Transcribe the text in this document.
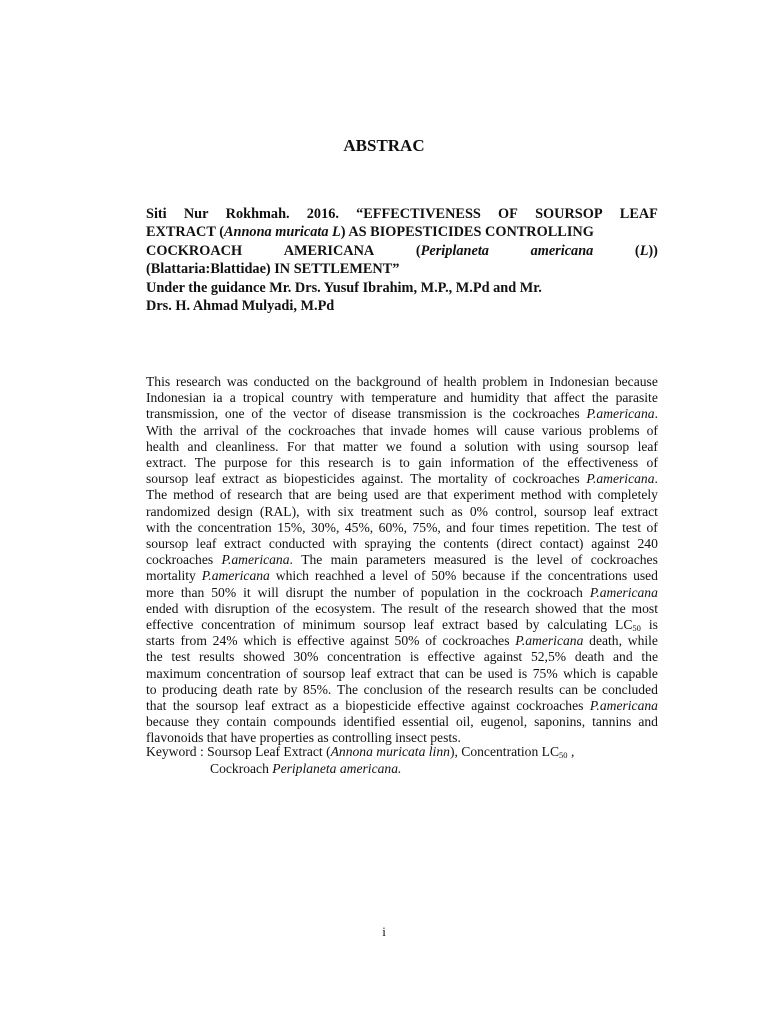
ABSTRAC
Siti Nur Rokhmah. 2016. “EFFECTIVENESS OF SOURSOP LEAF
EXTRACT ( Annona muricata L ) AS BIOPESTICIDES CONTROLLING
COCKROACH	AMERICANA	(Periplaneta	americana	(L))
(Blattaria:Blattidae) IN SETTLEMENT”
Under the guidance Mr. Drs. Yusuf Ibrahim, M.P., M.Pd and Mr.
Drs. H. Ahmad Mulyadi, M.Pd
This research was conducted on the background of health problem in Indonesian because
Indonesian ia a tropical country with temperature and humidity that affect the parasite
transmission, one of the vector of disease transmission is the cockroaches P.americana.
With the arrival of the cockroaches that invade homes will cause various problems of
health and cleanliness. For that matter we found a solution with using soursop leaf
extract. The purpose for this research is to gain information of the effectiveness of
soursop leaf extract as biopesticides against. The mortality of cockroaches P.americana.
The method of research that are being used are that experiment method with completely
randomized design (RAL), with six treatment such as 0% control, soursop leaf extract
with the concentration 15%, 30%, 45%, 60%, 75%, and four times repetition. The test of
soursop leaf extract conducted with spraying the contents (direct contact) against 240
cockroaches P.americana. The main parameters measured is the level of cockroaches
mortality P.americana which reachhed a level of 50% because if the concentrations used
more than 50% it will disrupt the number of population in the cockroach P.americana
ended with disruption of the ecosystem. The result of the research showed that the most
effective concentration of minimum soursop leaf extract based by calculating $LC_{50}$ is
starts from 24% which is effective against 50% of cockroaches P.americana death, while
the test results showed 30% concentration is effective against 52,5% death and the
maximum concentration of soursop leaf extract that can be used is 75% which is capable
to producing death rate by 85%. The conclusion of the research results can be concluded
that the soursop leaf extract as a biopesticide effective against cockroaches P.americana
because they contain compounds identified essential oil, eugenol, saponins, tannins and
flavonoids that have properties as controlling insect pests.
Keyword : Soursop Leaf Extract (Annona muricata linn), Concentration $LC_{50}$ ,
Cockroach Periplaneta americana.
i
